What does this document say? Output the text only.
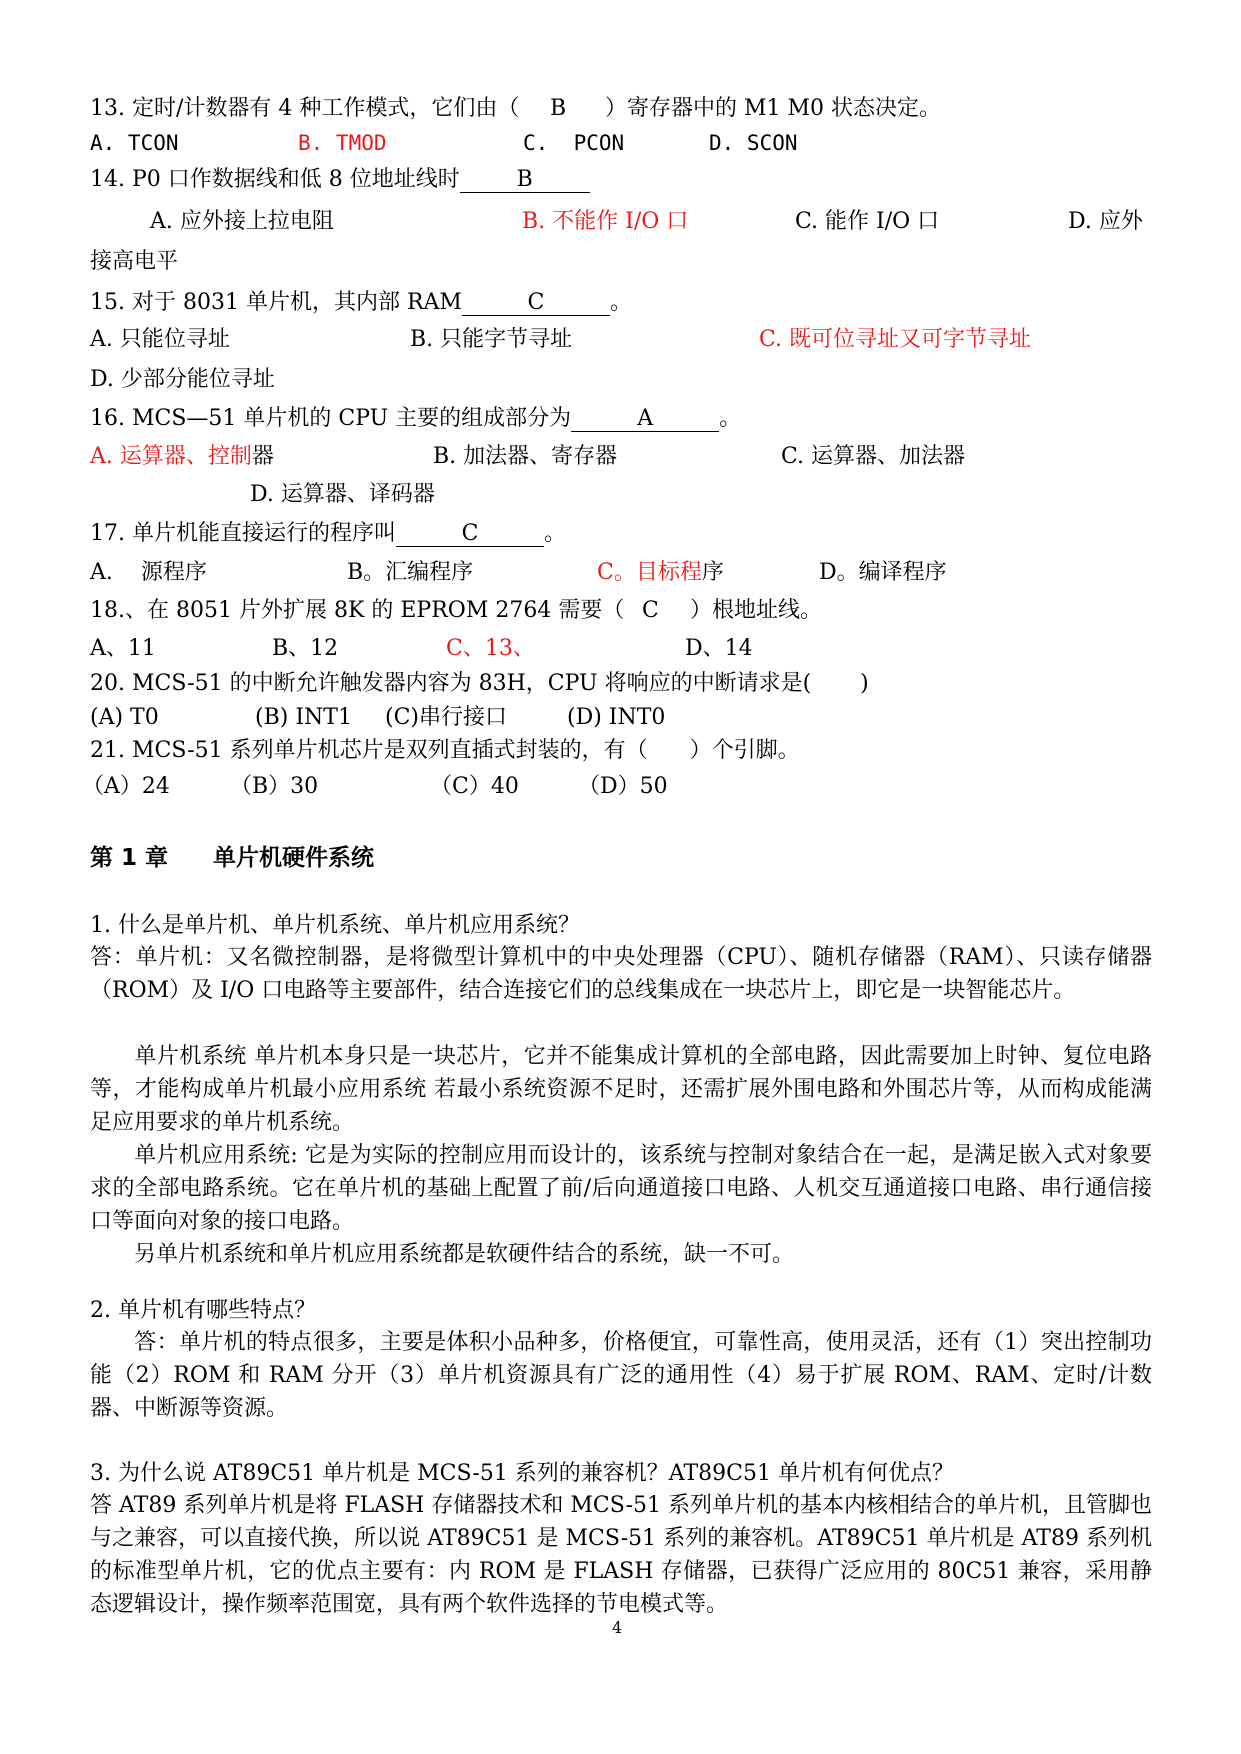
13. 定时/计数器有 4 种工作模式，它们由（ B ）寄存器中的 M1 M0 状态决定。
A. TCON	B. TMOD	C.  PCON	D. SCON
14. P0 口作数据线和低 8 位地址线时	B
A. 应外接上拉电阻	B. 不能作 I/O 口	C. 能作 I/O 口	D. 应外
接高电平
15. 对于 8031 单片机，其内部 RAM	C	。
A. 只能位寻址	B. 只能字节寻址	C. 既可位寻址又可字节寻址
D. 少部分能位寻址
16. MCS—51 单片机的 CPU 主要的组成部分为	A	。
A. 运算器、控制器	B. 加法器、寄存器	C. 运算器、加法器
D. 运算器、译码器
17. 单片机能直接运行的程序叫	C	。
A.    源程序	B。汇编程序	C。目标程序	D。编译程序
18.、在 8051 片外扩展 8K 的 EPROM 2764 需要（ C ）根地址线。
A、11	B、12	C、13、	D、14
20. MCS-51 的中断允许触发器内容为 83H，CPU 将响应的中断请求是(       )
(A) T0	(B) INT1 (C)串行接口	(D) INT0
21. MCS-51 系列单片机芯片是双列直插式封装的，有（      ）个引脚。
（A）24	（B）30	（C）40	（D）50
第 1 章 单片机硬件系统
1. 什么是单片机、单片机系统、单片机应用系统？
答：单片机：又名微控制器，是将微型计算机中的中央处理器（CPU）、随机存储器（RAM）、只读存储器（ROM）及 I/O 口电路等主要部件，结合连接它们的总线集成在一块芯片上，即它是一块智能芯片。
单片机系统 单片机本身只是一块芯片，它并不能集成计算机的全部电路，因此需要加上时钟、复位电路等，才能构成单片机最小应用系统 若最小系统资源不足时，还需扩展外围电路和外围芯片等，从而构成能满足应用要求的单片机系统。
单片机应用系统: 它是为实际的控制应用而设计的，该系统与控制对象结合在一起，是满足嵌入式对象要求的全部电路系统。它在单片机的基础上配置了前/后向通道接口电路、人机交互通道接口电路、串行通信接口等面向对象的接口电路。
另单片机系统和单片机应用系统都是软硬件结合的系统，缺一不可。
2. 单片机有哪些特点？
答：单片机的特点很多，主要是体积小品种多，价格便宜，可靠性高，使用灵活，还有（1）突出控制功能（2）ROM 和 RAM 分开（3）单片机资源具有广泛的通用性（4）易于扩展 ROM、RAM、定时/计数器、中断源等资源。
3. 为什么说 AT89C51 单片机是 MCS-51 系列的兼容机？AT89C51 单片机有何优点？
答 AT89 系列单片机是将 FLASH 存储器技术和 MCS-51 系列单片机的基本内核相结合的单片机，且管脚也与之兼容，可以直接代换，所以说 AT89C51 是 MCS-51 系列的兼容机。AT89C51 单片机是 AT89 系列机的标准型单片机，它的优点主要有：内 ROM 是 FLASH 存储器，已获得广泛应用的 80C51 兼容，采用静态逻辑设计，操作频率范围宽，具有两个软件选择的节电模式等。
4
